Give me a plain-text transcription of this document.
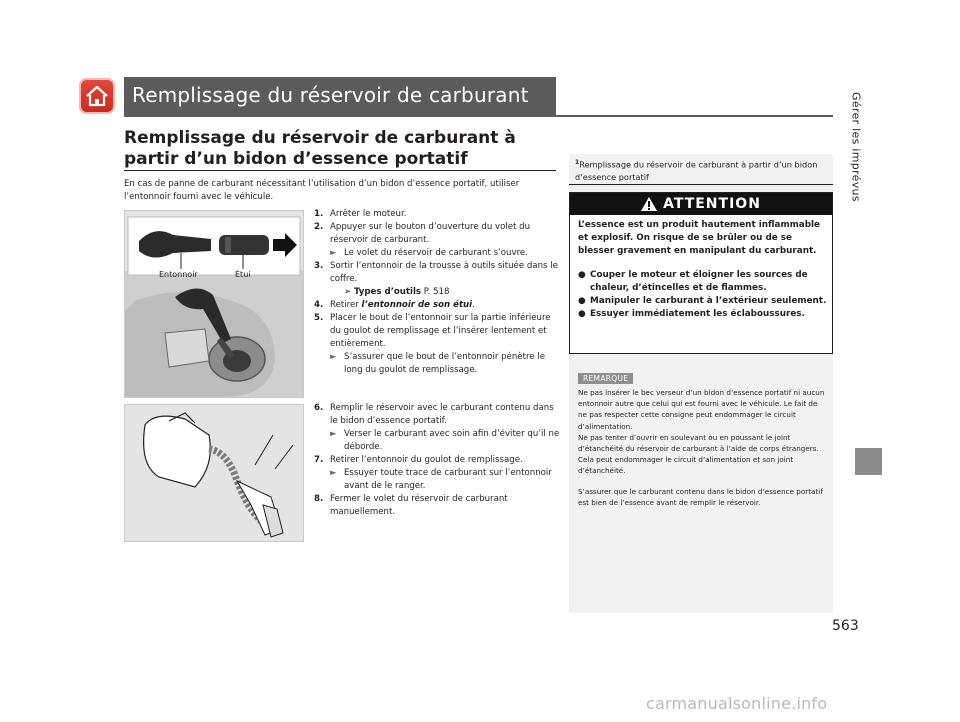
Remplissage du réservoir de carburant	Gérer les imprévus
Remplissage du réservoir de carburant à partir d’un bidon d’essence portatif
En cas de panne de carburant nécessitant l’utilisation d’un bidon d’essence portatif, utiliser l’entonnoir fourni avec le véhicule.
Entonnoir	Étui
1. Arrêter le moteur.
2. Appuyer sur le bouton d’ouverture du volet du réservoir de carburant.
► Le volet du réservoir de carburant s’ouvre.
3. Sortir l’entonnoir de la trousse à outils située dans le coffre.
➢ Types d’outils P. 518
4. Retirer l’entonnoir de son étui.
5. Placer le bout de l’entonnoir sur la partie inférieure du goulot de remplissage et l’insérer lentement et entièrement.
► S’assurer que le bout de l’entonnoir pénètre le long du goulot de remplissage.
6. Remplir le réservoir avec le carburant contenu dans le bidon d’essence portatif.
► Verser le carburant avec soin afin d’éviter qu’il ne déborde.
7. Retirer l’entonnoir du goulot de remplissage.
► Essuyer toute trace de carburant sur l’entonnoir avant de le ranger.
8. Fermer le volet du réservoir de carburant manuellement.
$^1$Remplissage du réservoir de carburant à partir d’un bidon d’essence portatif
ATTENTION
L’essence est un produit hautement inflammable et explosif. On risque de se brûler ou de se blesser gravement en manipulant du carburant.
● Couper le moteur et éloigner les sources de chaleur, d’étincelles et de flammes.
● Manipuler le carburant à l’extérieur seulement.
● Essuyer immédiatement les éclaboussures.
REMARQUE

Ne pas insérer le bec verseur d’un bidon d’essence portatif ni aucun entonnoir autre que celui qui est fourni avec le véhicule. Le fait de ne pas respecter cette consigne peut endommager le circuit d’alimentation.

Ne pas tenter d’ouvrir en soulevant ou en poussant le joint d’étanchéité du réservoir de carburant à l’aide de corps étrangers. Cela peut endommager le circuit d’alimentation et son joint d’étanchéité.

S’assurer que le carburant contenu dans le bidon d’essence portatif est bien de l’essence avant de remplir le réservoir.

563
carmanualsonline.info
